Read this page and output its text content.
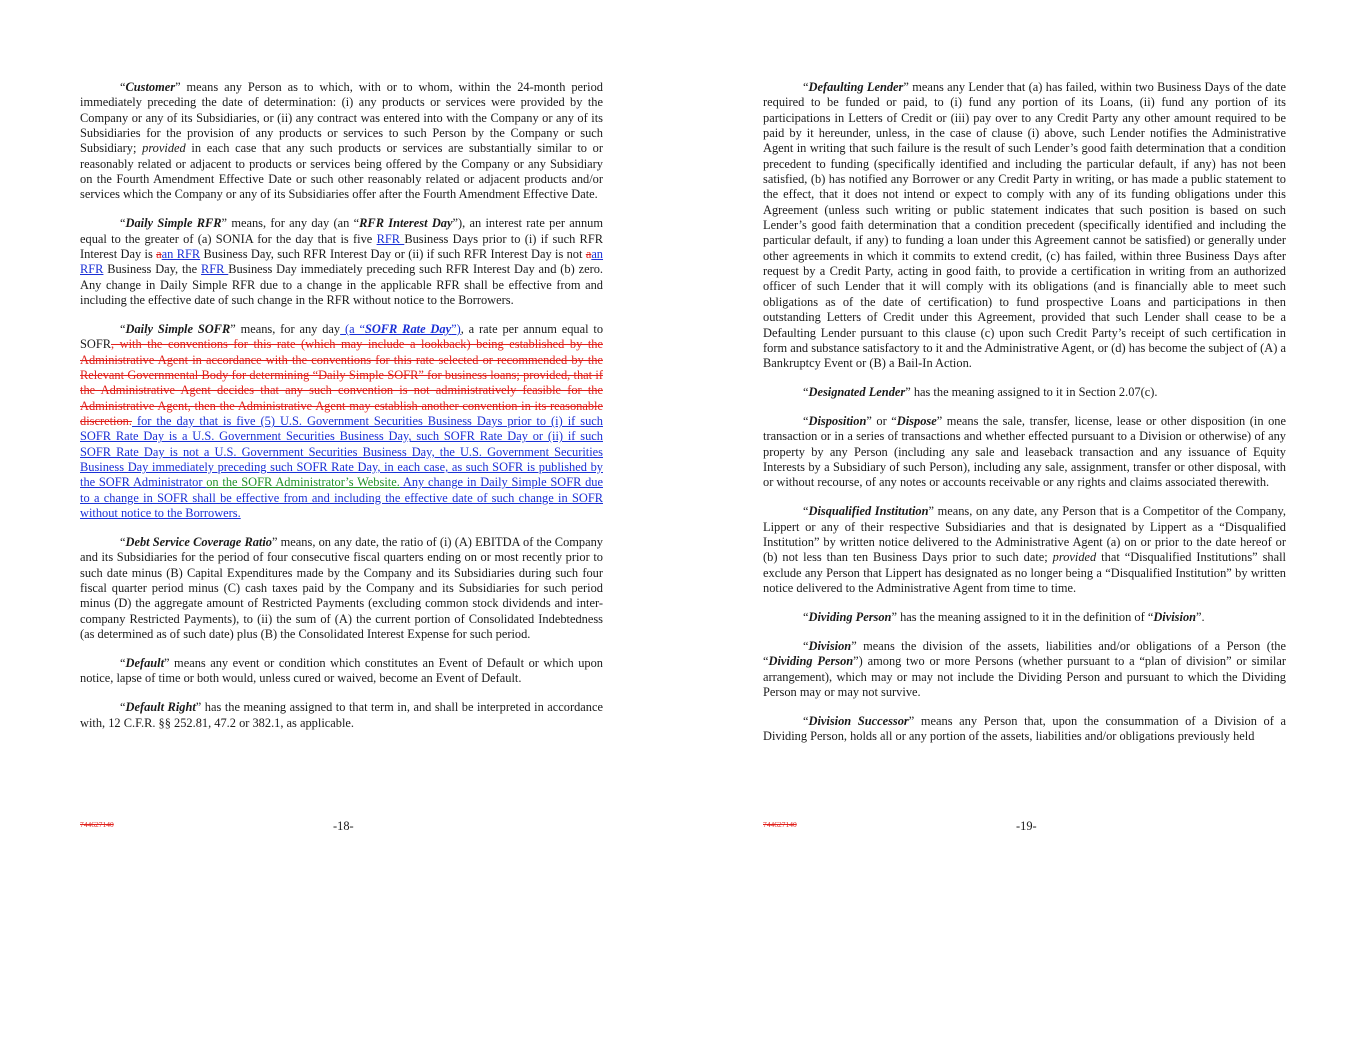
“Customer” means any Person as to which, with or to whom, within the 24-month period immediately preceding the date of determination: (i) any products or services were provided by the Company or any of its Subsidiaries, or (ii) any contract was entered into with the Company or any of its Subsidiaries for the provision of any products or services to such Person by the Company or such Subsidiary; provided in each case that any such products or services are substantially similar to or reasonably related or adjacent to products or services being offered by the Company or any Subsidiary on the Fourth Amendment Effective Date or such other reasonably related or adjacent products and/or services which the Company or any of its Subsidiaries offer after the Fourth Amendment Effective Date.

“Daily Simple RFR” means, for any day (an “RFR Interest Day”), an interest rate per annum equal to the greater of (a) SONIA for the day that is five RFR Business Days prior to (i) if such RFR Interest Day is aan RFR Business Day, such RFR Interest Day or (ii) if such RFR Interest Day is not aan RFR Business Day, the RFR Business Day immediately preceding such RFR Interest Day and (b) zero. Any change in Daily Simple RFR due to a change in the applicable RFR shall be effective from and including the effective date of such change in the RFR without notice to the Borrowers.

“Daily Simple SOFR” means, for any day (a “SOFR Rate Day”), a rate per annum equal to SOFR, with the conventions for this rate (which may include a lookback) being established by the Administrative Agent in accordance with the conventions for this rate selected or recommended by the Relevant Governmental Body for determining “Daily Simple SOFR” for business loans; provided, that if the Administrative Agent decides that any such convention is not administratively feasible for the Administrative Agent, then the Administrative Agent may establish another convention in its reasonable discretion. for the day that is five (5) U.S. Government Securities Business Days prior to (i) if such SOFR Rate Day is a U.S. Government Securities Business Day, such SOFR Rate Day or (ii) if such SOFR Rate Day is not a U.S. Government Securities Business Day, the U.S. Government Securities Business Day immediately preceding such SOFR Rate Day, in each case, as such SOFR is published by the SOFR Administrator on the SOFR Administrator’s Website. Any change in Daily Simple SOFR due to a change in SOFR shall be effective from and including the effective date of such change in SOFR without notice to the Borrowers.

“Debt Service Coverage Ratio” means, on any date, the ratio of (i) (A) EBITDA of the Company and its Subsidiaries for the period of four consecutive fiscal quarters ending on or most recently prior to such date minus (B) Capital Expenditures made by the Company and its Subsidiaries during such four fiscal quarter period minus (C) cash taxes paid by the Company and its Subsidiaries for such period minus (D) the aggregate amount of Restricted Payments (excluding common stock dividends and inter-company Restricted Payments), to (ii) the sum of (A) the current portion of Consolidated Indebtedness (as determined as of such date) plus (B) the Consolidated Interest Expense for such period.

“Default” means any event or condition which constitutes an Event of Default or which upon notice, lapse of time or both would, unless cured or waived, become an Event of Default.

“Default Right” has the meaning assigned to that term in, and shall be interpreted in accordance with, 12 C.F.R. §§ 252.81, 47.2 or 382.1, as applicable.

744627140	-18-

“Defaulting Lender” means any Lender that (a) has failed, within two Business Days of the date required to be funded or paid, to (i) fund any portion of its Loans, (ii) fund any portion of its participations in Letters of Credit or (iii) pay over to any Credit Party any other amount required to be paid by it hereunder, unless, in the case of clause (i) above, such Lender notifies the Administrative Agent in writing that such failure is the result of such Lender’s good faith determination that a condition precedent to funding (specifically identified and including the particular default, if any) has not been satisfied, (b) has notified any Borrower or any Credit Party in writing, or has made a public statement to the effect, that it does not intend or expect to comply with any of its funding obligations under this Agreement (unless such writing or public statement indicates that such position is based on such Lender’s good faith determination that a condition precedent (specifically identified and including the particular default, if any) to funding a loan under this Agreement cannot be satisfied) or generally under other agreements in which it commits to extend credit, (c) has failed, within three Business Days after request by a Credit Party, acting in good faith, to provide a certification in writing from an authorized officer of such Lender that it will comply with its obligations (and is financially able to meet such obligations as of the date of certification) to fund prospective Loans and participations in then outstanding Letters of Credit under this Agreement, provided that such Lender shall cease to be a Defaulting Lender pursuant to this clause (c) upon such Credit Party’s receipt of such certification in form and substance satisfactory to it and the Administrative Agent, or (d) has become the subject of (A) a Bankruptcy Event or (B) a Bail-In Action.

“Designated Lender” has the meaning assigned to it in Section 2.07(c).

“Disposition” or “Dispose” means the sale, transfer, license, lease or other disposition (in one transaction or in a series of transactions and whether effected pursuant to a Division or otherwise) of any property by any Person (including any sale and leaseback transaction and any issuance of Equity Interests by a Subsidiary of such Person), including any sale, assignment, transfer or other disposal, with or without recourse, of any notes or accounts receivable or any rights and claims associated therewith.

“Disqualified Institution” means, on any date, any Person that is a Competitor of the Company, Lippert or any of their respective Subsidiaries and that is designated by Lippert as a “Disqualified Institution” by written notice delivered to the Administrative Agent (a) on or prior to the date hereof or (b) not less than ten Business Days prior to such date; provided that “Disqualified Institutions” shall exclude any Person that Lippert has designated as no longer being a “Disqualified Institution” by written notice delivered to the Administrative Agent from time to time.

“Dividing Person” has the meaning assigned to it in the definition of “Division”.

“Division” means the division of the assets, liabilities and/or obligations of a Person (the “Dividing Person”) among two or more Persons (whether pursuant to a “plan of division” or similar arrangement), which may or may not include the Dividing Person and pursuant to which the Dividing Person may or may not survive.

“Division Successor” means any Person that, upon the consummation of a Division of a Dividing Person, holds all or any portion of the assets, liabilities and/or obligations previously held

744627140	-19-
